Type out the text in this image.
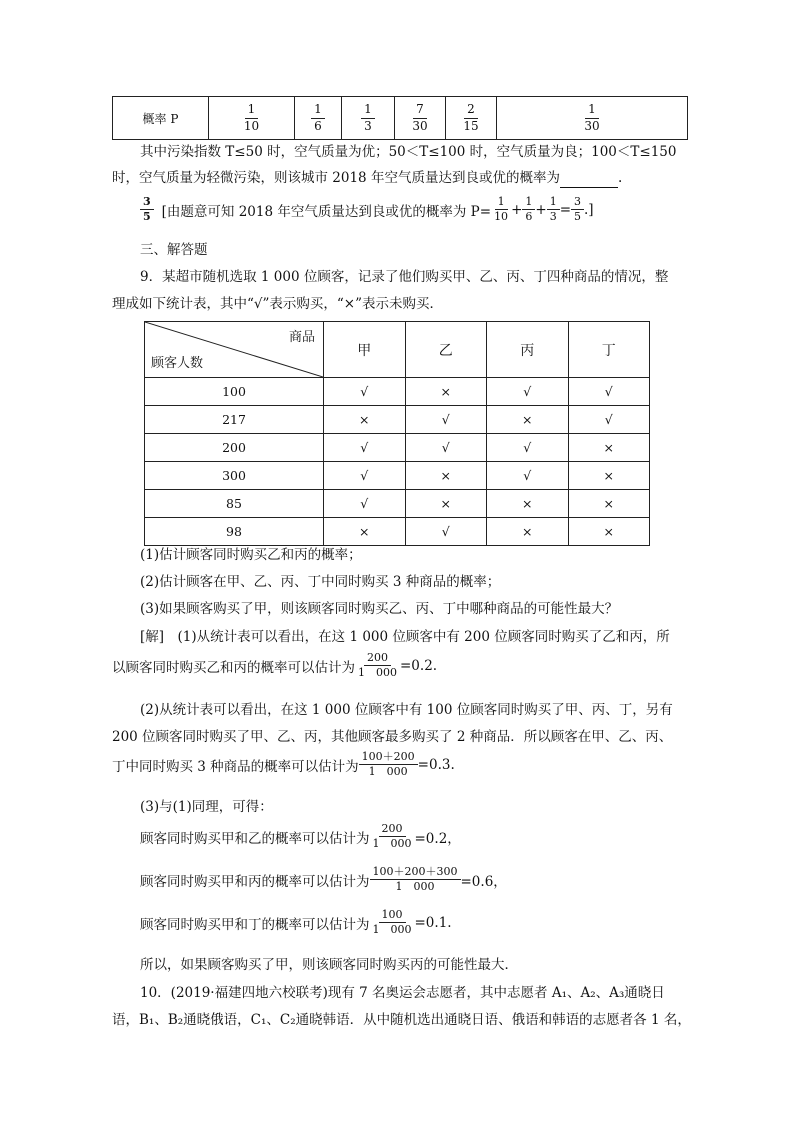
概率 P	$\frac{1}{10}$	$\frac{1}{6}$	$\frac{1}{3}$	$\frac{7}{30}$	$\frac{2}{15}$	$\frac{1}{30}$
其中污染指数 T≤50 时，空气质量为优；50＜T≤100 时，空气质量为良；100＜T≤150
时，空气质量为轻微污染，则该城市 2018 年空气质量达到良或优的概率为	.
$\frac{3}{5}$ [由题意可知 2018 年空气质量达到良或优的概率为 $P= \frac{1}{10} + \frac{1}{6} + \frac{1}{3} = \frac{3}{5}$ .]
三、解答题
9．某超市随机选取 1 000 位顾客，记录了他们购买甲、乙、丙、丁四种商品的情况，整
理成如下统计表，其中“√”表示购买，“×”表示未购买．
商品
顾客人数	甲	乙	丙	丁
100	√	×	√	√
217	×	√	×	√
200	√	√	√	×
300	√	×	√	×
85	√	×	×	×
98	×	√	×	×
(1)估计顾客同时购买乙和丙的概率；
(2)估计顾客在甲、乙、丙、丁中同时购买 3 种商品的概率；
(3)如果顾客购买了甲，则该顾客同时购买乙、丙、丁中哪种商品的可能性最大？
[解]　(1)从统计表可以看出，在这 1 000 位顾客中有 200 位顾客同时购买了乙和丙，所
以顾客同时购买乙和丙的概率可以估计为 $\frac{200}{1 000} =0.2$.
(2)从统计表可以看出，在这 1 000 位顾客中有 100 位顾客同时购买了甲、丙、丁，另有
200 位顾客同时购买了甲、乙、丙，其他顾客最多购买了 2 种商品．所以顾客在甲、乙、丙、
丁中同时购买 3 种商品的概率可以估计为 $\frac{100+200}{1 000} =0.3$.
(3)与(1)同理，可得：
顾客同时购买甲和乙的概率可以估计为 $\frac{200}{1 000} =0.2$，
顾客同时购买甲和丙的概率可以估计为 $\frac{100+200+300}{1 000} =0.6$，
顾客同时购买甲和丁的概率可以估计为 $\frac{100}{1 000} =0.1$.
所以，如果顾客购买了甲，则该顾客同时购买丙的可能性最大．
10．(2019·福建四地六校联考)现有 7 名奥运会志愿者，其中志愿者 A₁、A₂、A₃通晓日
语，B₁、B₂通晓俄语，C₁、C₂通晓韩语．从中随机选出通晓日语、俄语和韩语的志愿者各 1 名，
